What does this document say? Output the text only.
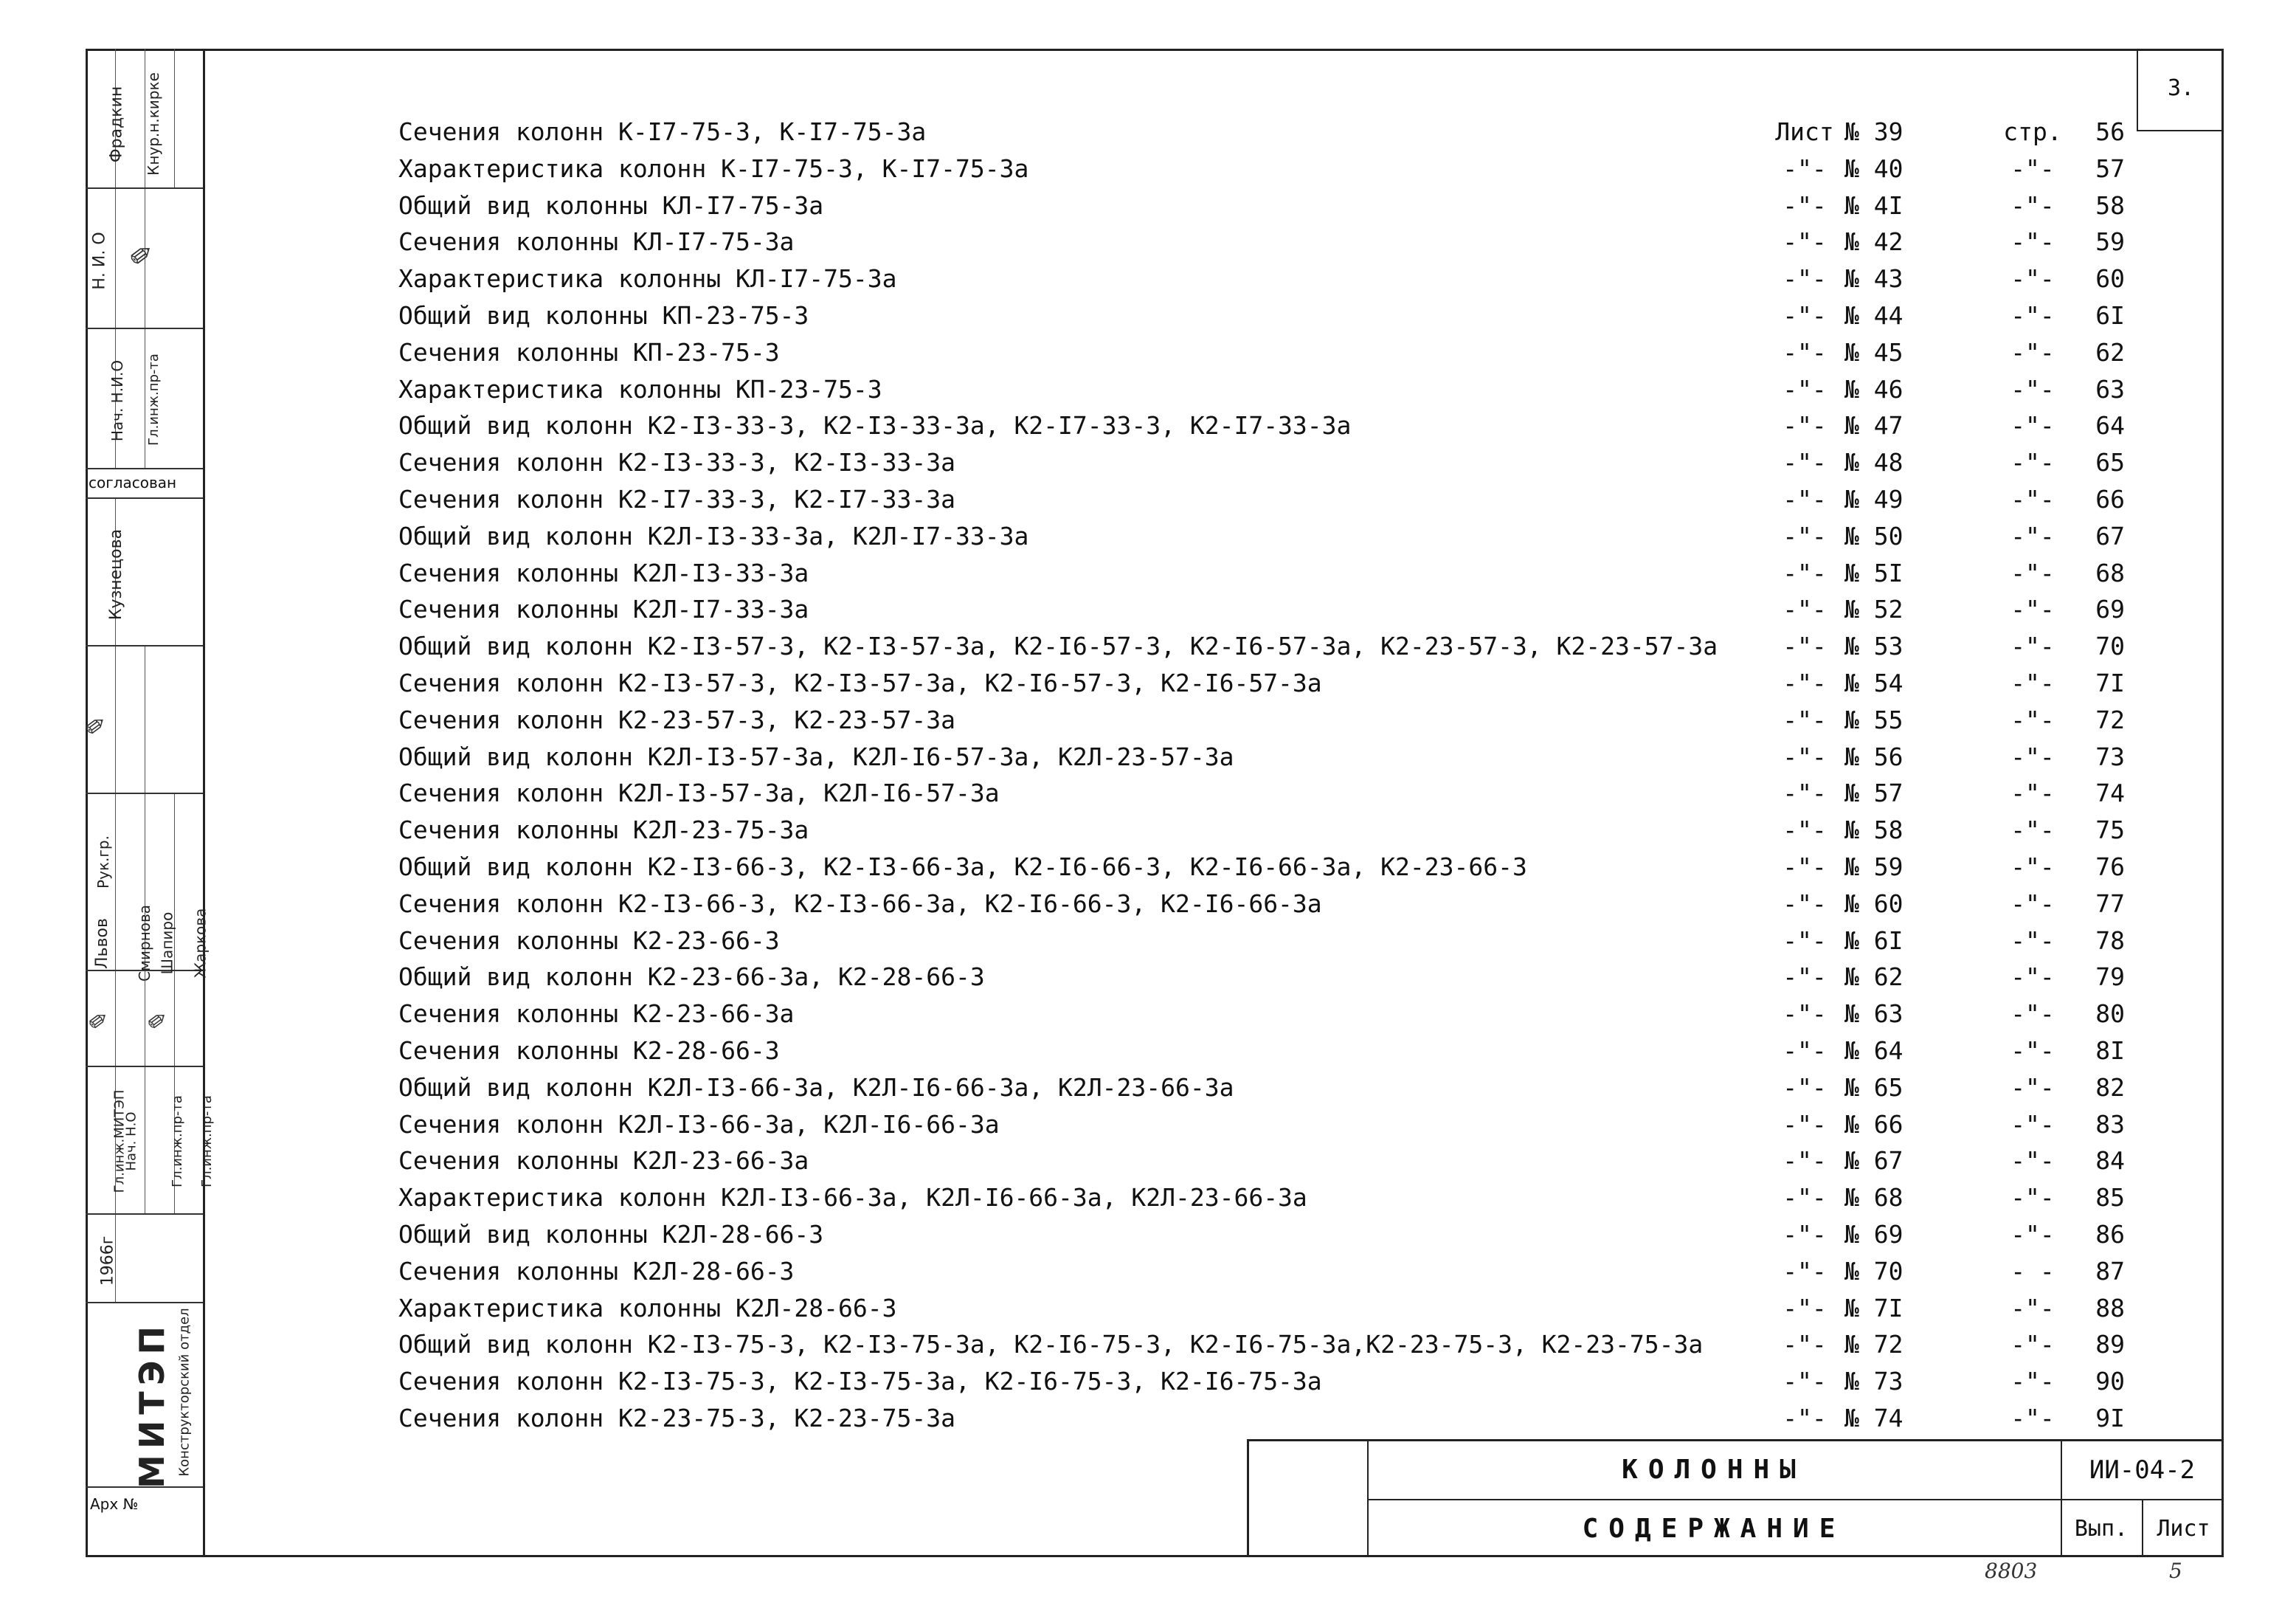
Кнур.н.кирке
Фрадкин
Н. И. О ✎
Нач. Н.И.О Гл.инж.пр-та
согласован
Кузнецова
✎
Рук.гр.
Львов Смирнова Шапиро Жаркова
✎ ✎
Гл.инж.МИТЭП
Нач. Н.О Гл.инж.пр-та Гл.инж.пр-та
1966г
МИТЭП Конструкторский отдел
Арх №
3.
Сечения колонн К-I7-75-3, К-I7-75-3а	Лист № 39	стр.	56
Характеристика колонн К-I7-75-3, К-I7-75-3а	-"- № 40	-"-	57
Общий вид колонны КЛ-I7-75-3а	-"- № 4I	-"-	58
Сечения колонны КЛ-I7-75-3а	-"- № 42	-"-	59
Характеристика колонны КЛ-I7-75-3а	-"- № 43	-"-	60
Общий вид колонны КП-23-75-3	-"- № 44	-"-	6I
Сечения колонны КП-23-75-3	-"- № 45	-"-	62
Характеристика колонны КП-23-75-3	-"- № 46	-"-	63
Общий вид колонн К2-I3-33-3, К2-I3-33-3а, К2-I7-33-3, К2-I7-33-3а	-"- № 47	-"-	64
Сечения колонн К2-I3-33-3, К2-I3-33-3а	-"- № 48	-"-	65
Сечения колонн К2-I7-33-3, К2-I7-33-3а	-"- № 49	-"-	66
Общий вид колонн К2Л-I3-33-3а, К2Л-I7-33-3а	-"- № 50	-"-	67
Сечения колонны К2Л-I3-33-3а	-"- № 5I	-"-	68
Сечения колонны К2Л-I7-33-3а	-"- № 52	-"-	69
Общий вид колонн К2-I3-57-3, К2-I3-57-3а, К2-I6-57-3, К2-I6-57-3а, К2-23-57-3, К2-23-57-3а	-"- № 53	-"-	70
Сечения колонн К2-I3-57-3, К2-I3-57-3а, К2-I6-57-3, К2-I6-57-3а	-"- № 54	-"-	7I
Сечения колонн К2-23-57-3, К2-23-57-3а	-"- № 55	-"-	72
Общий вид колонн К2Л-I3-57-3а, К2Л-I6-57-3а, К2Л-23-57-3а	-"- № 56	-"-	73
Сечения колонн К2Л-I3-57-3а, К2Л-I6-57-3а	-"- № 57	-"-	74
Сечения колонны К2Л-23-75-3а	-"- № 58	-"-	75
Общий вид колонн К2-I3-66-3, К2-I3-66-3а, К2-I6-66-3, К2-I6-66-3а, К2-23-66-3	-"- № 59	-"-	76
Сечения колонн К2-I3-66-3, К2-I3-66-3а, К2-I6-66-3, К2-I6-66-3а	-"- № 60	-"-	77
Сечения колонны К2-23-66-3	-"- № 6I	-"-	78
Общий вид колонн К2-23-66-3а, К2-28-66-3	-"- № 62	-"-	79
Сечения колонны К2-23-66-3а	-"- № 63	-"-	80
Сечения колонны К2-28-66-3	-"- № 64	-"-	8I
Общий вид колонн К2Л-I3-66-3а, К2Л-I6-66-3а, К2Л-23-66-3а	-"- № 65	-"-	82
Сечения колонн К2Л-I3-66-3а, К2Л-I6-66-3а	-"- № 66	-"-	83
Сечения колонны К2Л-23-66-3а	-"- № 67	-"-	84
Характеристика колонн К2Л-I3-66-3а, К2Л-I6-66-3а, К2Л-23-66-3а	-"- № 68	-"-	85
Общий вид колонны К2Л-28-66-3	-"- № 69	-"-	86
Сечения колонны К2Л-28-66-3	-"- № 70	- -	87
Характеристика колонны К2Л-28-66-3	-"- № 7I	-"-	88
Общий вид колонн К2-I3-75-3, К2-I3-75-3а, К2-I6-75-3, К2-I6-75-3а,К2-23-75-3, К2-23-75-3а	-"- № 72	-"-	89
Сечения колонн К2-I3-75-3, К2-I3-75-3а, К2-I6-75-3, К2-I6-75-3а	-"- № 73	-"-	90
Сечения колонн К2-23-75-3, К2-23-75-3а	-"- № 74	-"-	9I
КОЛОННЫ
СОДЕРЖАНИЕ
ИИ-04-2
Вып.	Лист
8803	5
